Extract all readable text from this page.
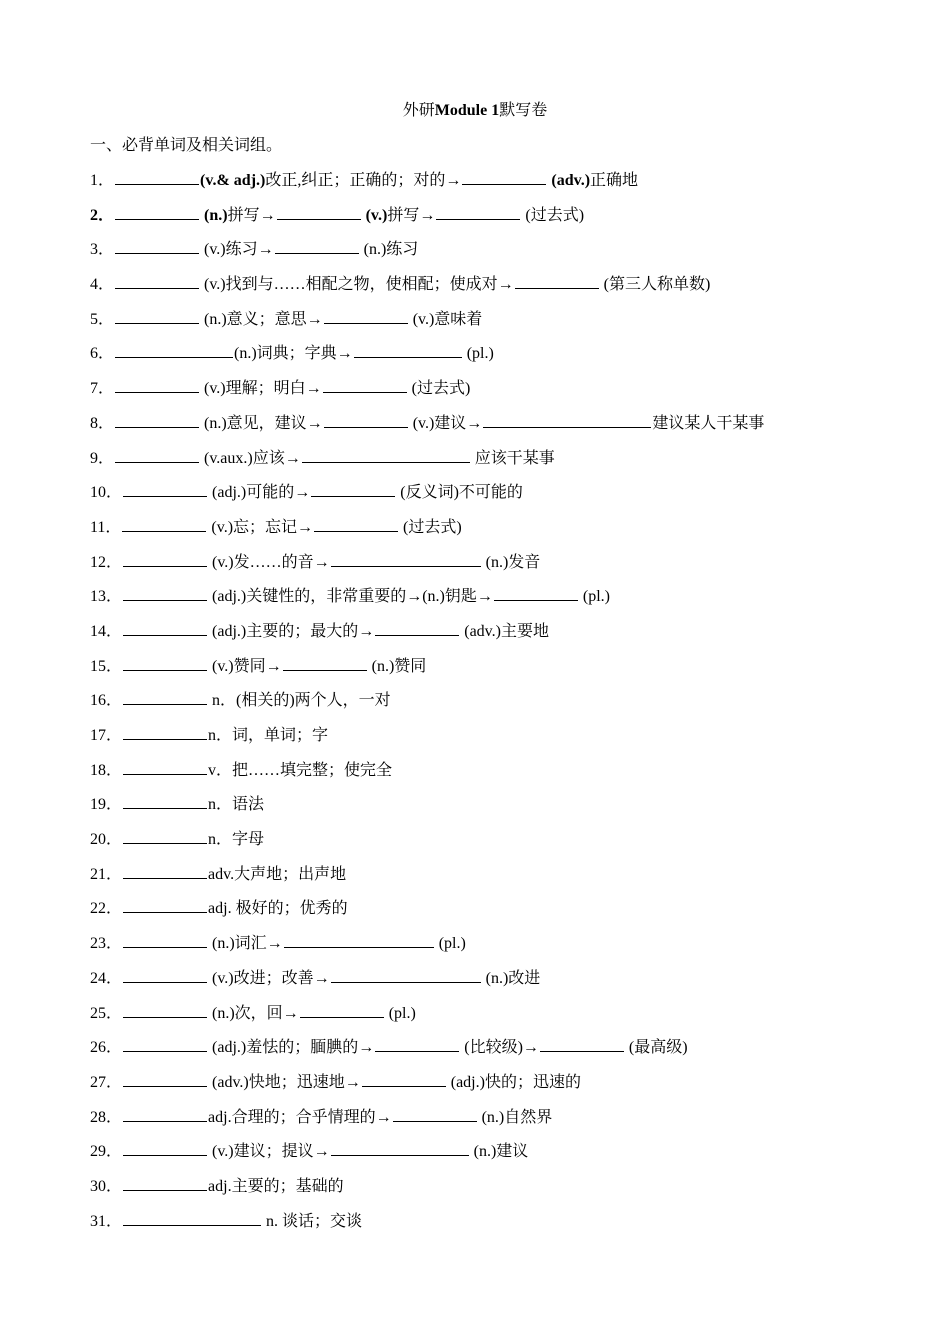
外研Module 1默写卷
一、必背单词及相关词组。
1．	(v.& adj.)改正,纠正；正确的；对的→	(adv.)正确地
2．	(n.)拼写→	(v.)拼写→	(过去式)
3．	(v.)练习→	(n.)练习
4．	(v.)找到与……相配之物，使相配；使成对→	(第三人称单数)
5．	(n.)意义；意思→	(v.)意味着
6．	(n.)词典；字典→	(pl.)
7．	(v.)理解；明白→	(过去式)
8．	(n.)意见，建议→	(v.)建议→	建议某人干某事
9．	(v.aux.)应该→	应该干某事
10．	(adj.)可能的→	(反义词)不可能的
11．	(v.)忘；忘记→	(过去式)
12．	(v.)发……的音→	(n.)发音
13．	(adj.)关键性的，非常重要的→(n.)钥匙→	(pl.)
14．	(adj.)主要的；最大的→	(adv.)主要地
15．	(v.)赞同→	(n.)赞同
16．	n．(相关的)两个人，一对
17．	n．词，单词；字
18．	v．把……填完整；使完全
19．	n．语法
20．	n．字母
21．	adv.大声地；出声地
22．	adj. 极好的；优秀的
23．	(n.)词汇→	(pl.)
24．	(v.)改进；改善→	(n.)改进
25．	(n.)次，回→	(pl.)
26．	(adj.)羞怯的；腼腆的→	(比较级)→	(最高级)
27．	(adv.)快地；迅速地→	(adj.)快的；迅速的
28．	adj.合理的；合乎情理的→	(n.)自然界
29．	(v.)建议；提议→	(n.)建议
30．	adj.主要的；基础的
31．	n. 谈话；交谈
